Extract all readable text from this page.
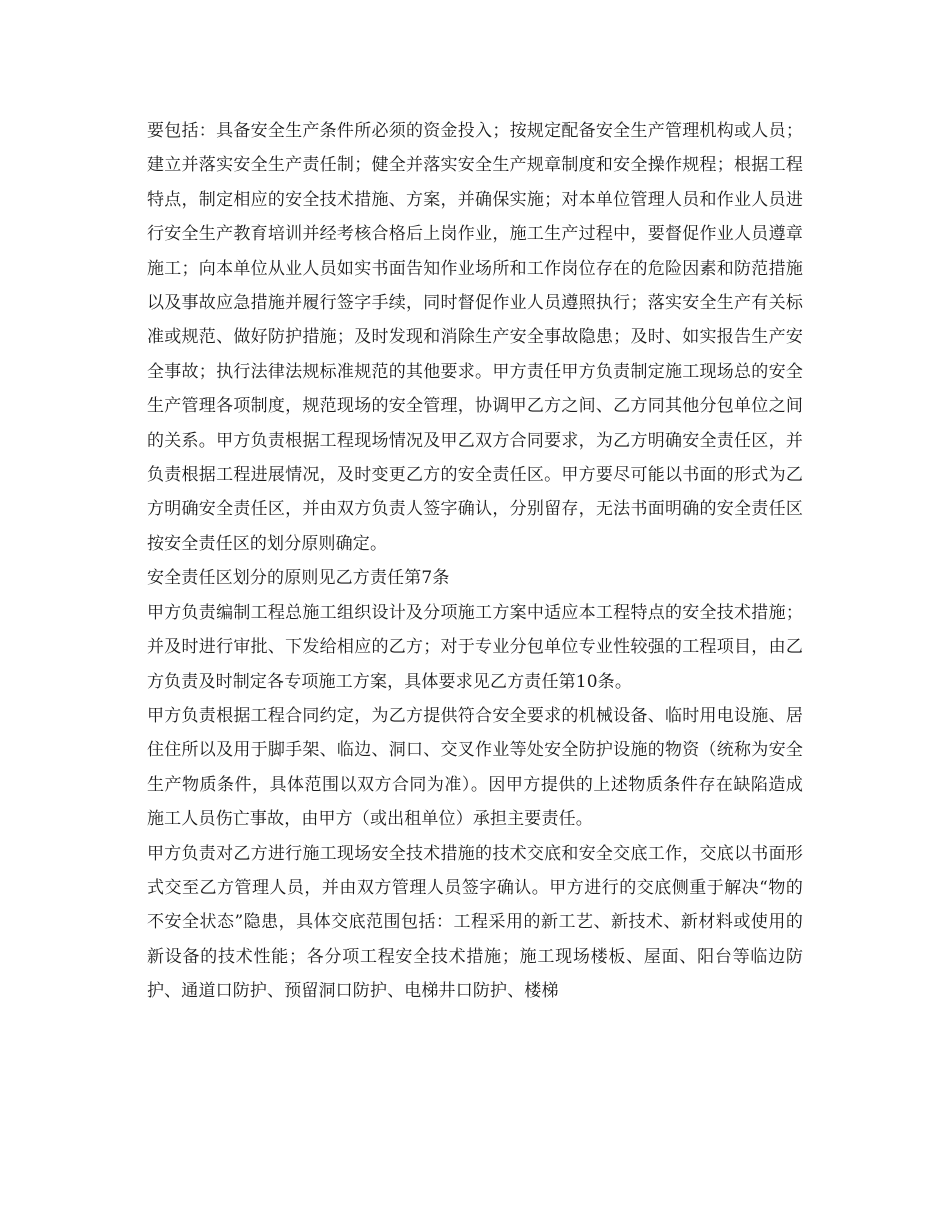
要包括：具备安全生产条件所必须的资金投入；按规定配备安全生产管理机构或人员；建立并落实安全生产责任制；健全并落实安全生产规章制度和安全操作规程；根据工程特点，制定相应的安全技术措施、方案，并确保实施；对本单位管理人员和作业人员进行安全生产教育培训并经考核合格后上岗作业，施工生产过程中，要督促作业人员遵章施工；向本单位从业人员如实书面告知作业场所和工作岗位存在的危险因素和防范措施以及事故应急措施并履行签字手续，同时督促作业人员遵照执行；落实安全生产有关标准或规范、做好防护措施；及时发现和消除生产安全事故隐患；及时、如实报告生产安全事故；执行法律法规标准规范的其他要求。甲方责任甲方负责制定施工现场总的安全生产管理各项制度，规范现场的安全管理，协调甲乙方之间、乙方同其他分包单位之间的关系。甲方负责根据工程现场情况及甲乙双方合同要求，为乙方明确安全责任区，并负责根据工程进展情况，及时变更乙方的安全责任区。甲方要尽可能以书面的形式为乙方明确安全责任区，并由双方负责人签字确认，分别留存，无法书面明确的安全责任区按安全责任区的划分原则确定。

安全责任区划分的原则见乙方责任第7条

甲方负责编制工程总施工组织设计及分项施工方案中适应本工程特点的安全技术措施；并及时进行审批、下发给相应的乙方；对于专业分包单位专业性较强的工程项目，由乙方负责及时制定各专项施工方案，具体要求见乙方责任第10条。

甲方负责根据工程合同约定，为乙方提供符合安全要求的机械设备、临时用电设施、居住住所以及用于脚手架、临边、洞口、交叉作业等处安全防护设施的物资（统称为安全生产物质条件，具体范围以双方合同为准）。因甲方提供的上述物质条件存在缺陷造成施工人员伤亡事故，由甲方（或出租单位）承担主要责任。

甲方负责对乙方进行施工现场安全技术措施的技术交底和安全交底工作，交底以书面形式交至乙方管理人员，并由双方管理人员签字确认。甲方进行的交底侧重于解决“物的不安全状态”隐患，具体交底范围包括：工程采用的新工艺、新技术、新材料或使用的新设备的技术性能；各分项工程安全技术措施；施工现场楼板、屋面、阳台等临边防护、通道口防护、预留洞口防护、电梯井口防护、楼梯
